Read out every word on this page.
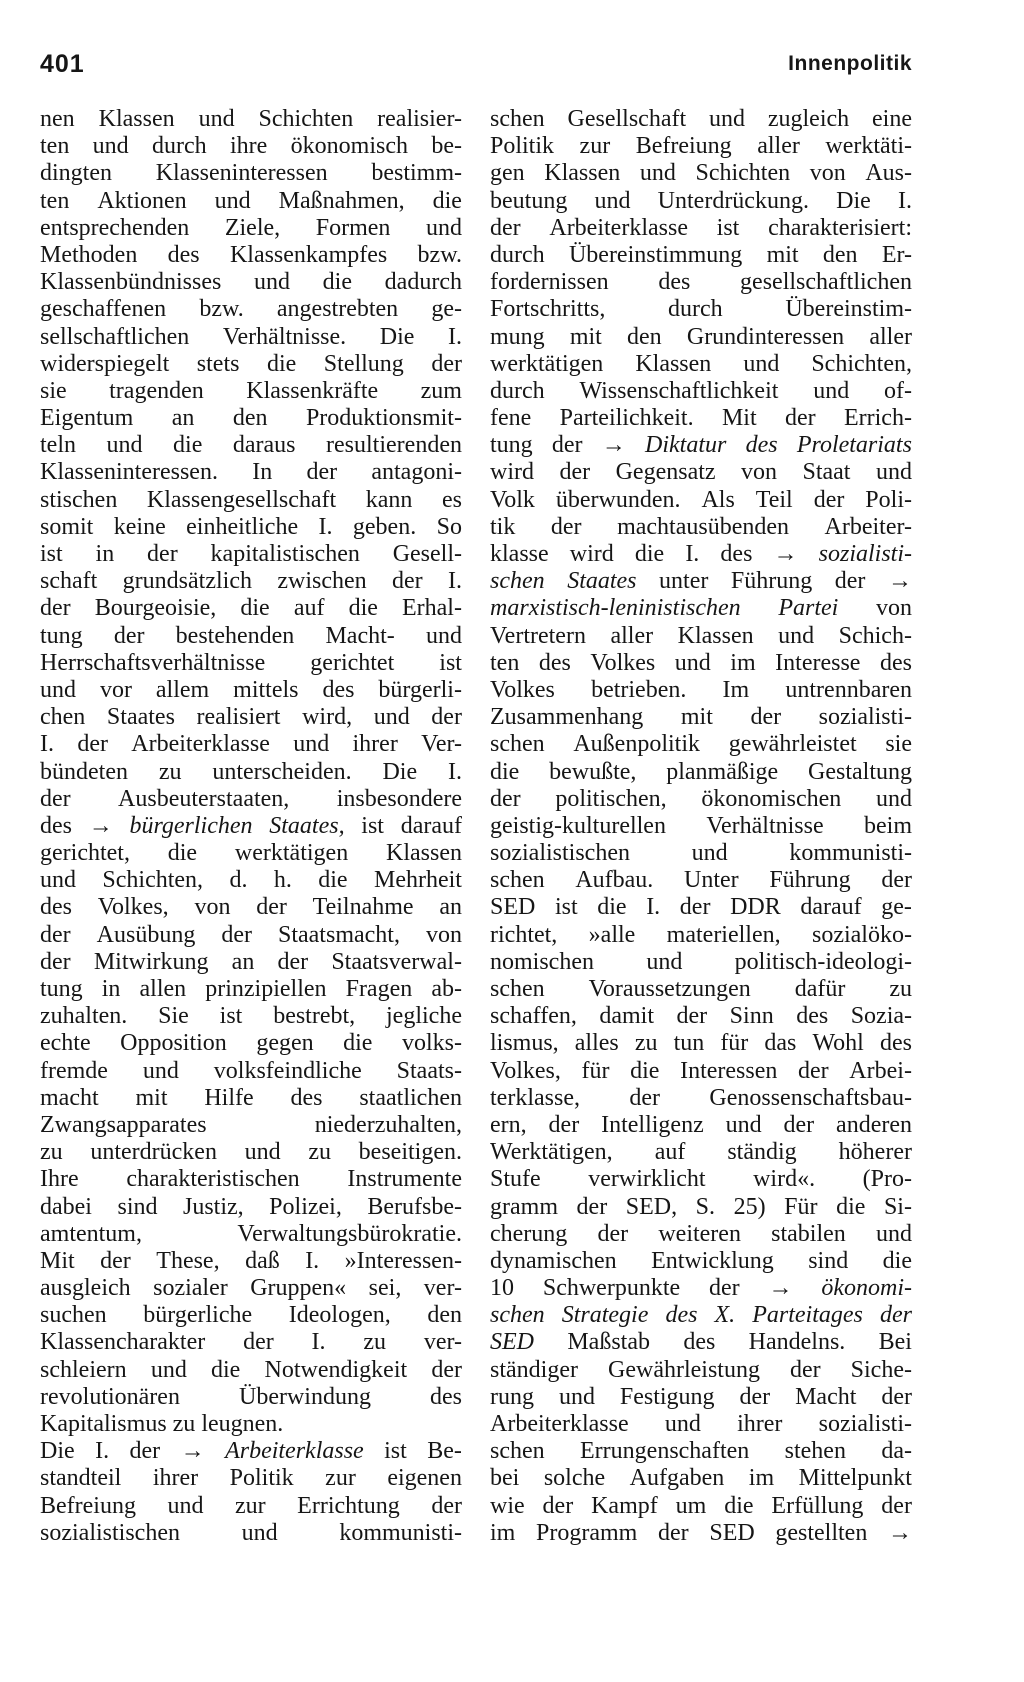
401	Innenpolitik
nen Klassen und Schichten realisier-
ten und durch ihre ökonomisch be-
dingten Klasseninteressen bestimm-
ten Aktionen und Maßnahmen, die
entsprechenden Ziele, Formen und
Methoden des Klassenkampfes bzw.
Klassenbündnisses und die dadurch
geschaffenen bzw. angestrebten ge-
sellschaftlichen Verhältnisse. Die I.
widerspiegelt stets die Stellung der
sie tragenden Klassenkräfte zum
Eigentum an den Produktionsmit-
teln und die daraus resultierenden
Klasseninteressen. In der antagoni-
stischen Klassengesellschaft kann es
somit keine einheitliche I. geben. So
ist in der kapitalistischen Gesell-
schaft grundsätzlich zwischen der I.
der Bourgeoisie, die auf die Erhal-
tung der bestehenden Macht- und
Herrschaftsverhältnisse gerichtet ist
und vor allem mittels des bürgerli-
chen Staates realisiert wird, und der
I. der Arbeiterklasse und ihrer Ver-
bündeten zu unterscheiden. Die I.
der Ausbeuterstaaten, insbesondere
des → bürgerlichen Staates, ist darauf
gerichtet, die werktätigen Klassen
und Schichten, d. h. die Mehrheit
des Volkes, von der Teilnahme an
der Ausübung der Staatsmacht, von
der Mitwirkung an der Staatsverwal-
tung in allen prinzipiellen Fragen ab-
zuhalten. Sie ist bestrebt, jegliche
echte Opposition gegen die volks-
fremde und volksfeindliche Staats-
macht mit Hilfe des staatlichen
Zwangsapparates	niederzuhalten,
zu unterdrücken und zu beseitigen.
Ihre charakteristischen Instrumente
dabei sind Justiz, Polizei, Berufsbe-
amtentum,	Verwaltungsbürokratie.
Mit der These, daß I. »Interessen-
ausgleich sozialer Gruppen« sei, ver-
suchen bürgerliche Ideologen, den
Klassencharakter der I. zu ver-
schleiern und die Notwendigkeit der
revolutionären Überwindung des
Kapitalismus zu leugnen.
Die I. der → Arbeiterklasse ist Be-
standteil ihrer Politik zur eigenen
Befreiung und zur Errichtung der
sozialistischen	und	kommunisti-
schen Gesellschaft und zugleich eine
Politik zur Befreiung aller werktäti-
gen Klassen und Schichten von Aus-
beutung und Unterdrückung. Die I.
der Arbeiterklasse ist charakterisiert:
durch Übereinstimmung mit den Er-
fordernissen des gesellschaftlichen
Fortschritts,	durch	Übereinstim-
mung mit den Grundinteressen aller
werktätigen Klassen und Schichten,
durch Wissenschaftlichkeit und of-
fene Parteilichkeit. Mit der Errich-
tung der → Diktatur des Proletariats
wird der Gegensatz von Staat und
Volk überwunden. Als Teil der Poli-
tik der machtausübenden Arbeiter-
klasse wird die I. des → sozialisti-
schen Staates unter Führung der →
marxistisch-leninistischen Partei von
Vertretern aller Klassen und Schich-
ten des Volkes und im Interesse des
Volkes betrieben. Im untrennbaren
Zusammenhang mit der sozialisti-
schen Außenpolitik gewährleistet sie
die bewußte, planmäßige Gestaltung
der politischen, ökonomischen und
geistig-kulturellen Verhältnisse beim
sozialistischen	und	kommunisti-
schen Aufbau. Unter Führung der
SED ist die I. der DDR darauf ge-
richtet, »alle materiellen, sozialöko-
nomischen und politisch-ideologi-
schen Voraussetzungen dafür zu
schaffen, damit der Sinn des Sozia-
lismus, alles zu tun für das Wohl des
Volkes, für die Interessen der Arbei-
terklasse, der Genossenschaftsbau-
ern, der Intelligenz und der anderen
Werktätigen, auf ständig höherer
Stufe verwirklicht wird«. (Pro-
gramm der SED, S. 25) Für die Si-
cherung der weiteren stabilen und
dynamischen Entwicklung sind die
10 Schwerpunkte der → ökonomi-
schen Strategie des X. Parteitages der
SED Maßstab des Handelns. Bei
ständiger Gewährleistung der Siche-
rung und Festigung der Macht der
Arbeiterklasse und ihrer sozialisti-
schen Errungenschaften stehen da-
bei solche Aufgaben im Mittelpunkt
wie der Kampf um die Erfüllung der
im Programm der SED gestellten →
